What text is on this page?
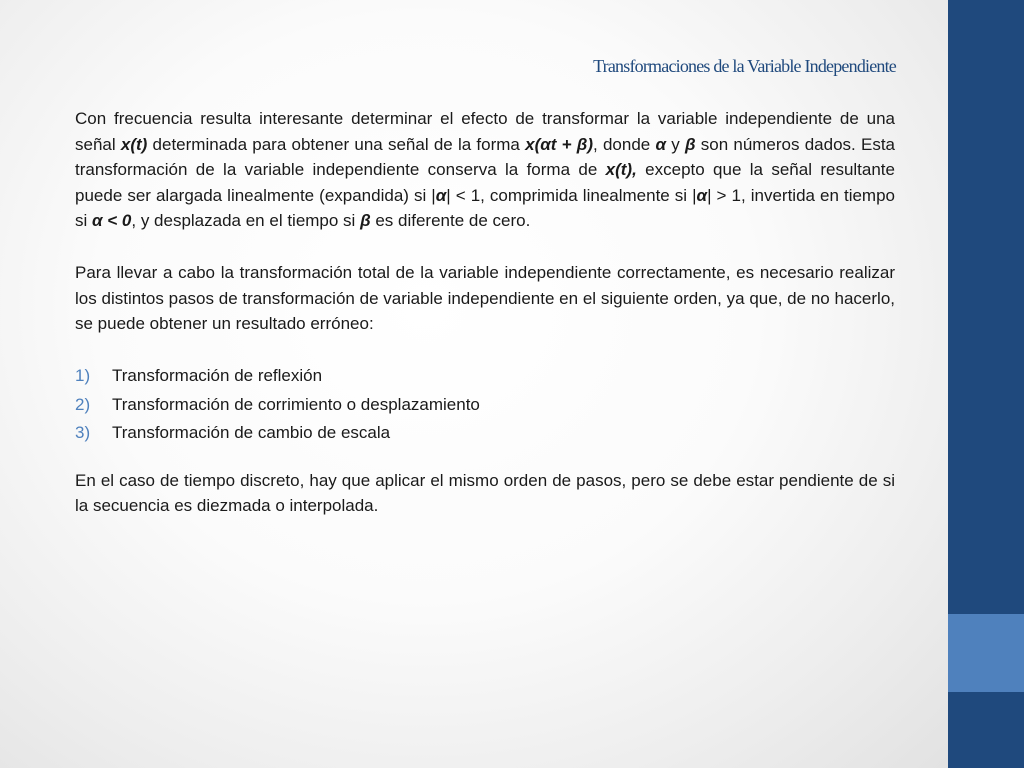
Transformaciones de la Variable Independiente

Con frecuencia resulta interesante determinar el efecto de transformar la variable independiente de una señal x(t) determinada para obtener una señal de la forma x(αt + β), donde α y β son números dados. Esta transformación de la variable independiente conserva la forma de x(t), excepto que la señal resultante puede ser alargada linealmente (expandida) si |α| < 1, comprimida linealmente si |α| > 1, invertida en tiempo si α < 0, y desplazada en el tiempo si β es diferente de cero.

Para llevar a cabo la transformación total de la variable independiente correctamente, es necesario realizar los distintos pasos de transformación de variable independiente en el siguiente orden, ya que, de no hacerlo, se puede obtener un resultado erróneo:

1)	Transformación de reflexión
2)	Transformación de corrimiento o desplazamiento
3)	Transformación de cambio de escala

En el caso de tiempo discreto, hay que aplicar el mismo orden de pasos, pero se debe estar pendiente de si la secuencia es diezmada o interpolada.
